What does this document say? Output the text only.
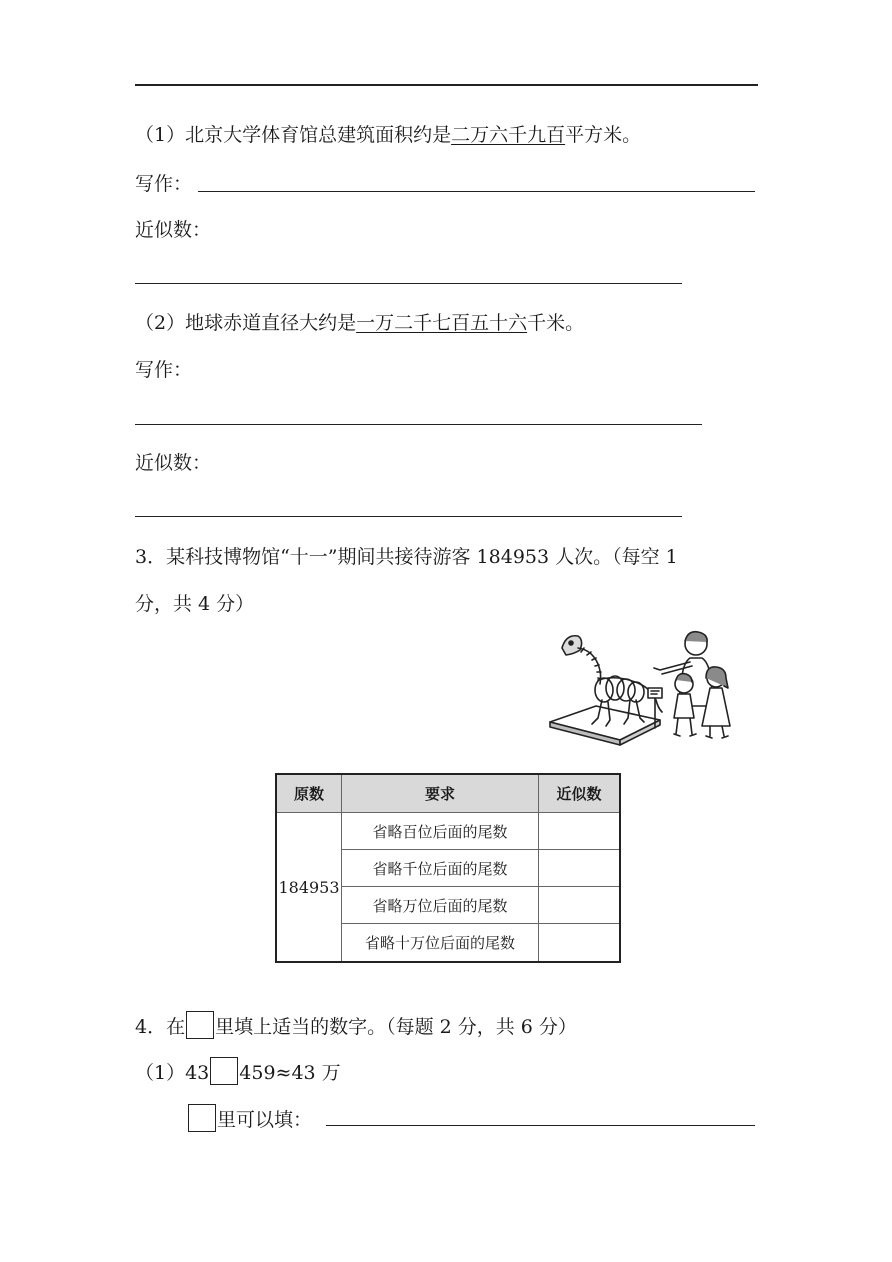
（1）北京大学体育馆总建筑面积约是二万六千九百平方米。
写作：
近似数：
（2）地球赤道直径大约是一万二千七百五十六千米。
写作：
近似数：
3．某科技博物馆“十一”期间共接待游客 184953 人次。（每空 1
分，共 4 分）
原数	要求	近似数
184953	省略百位后面的尾数	
	省略千位后面的尾数	
	省略万位后面的尾数	
	省略十万位后面的尾数	
4．在 里填上适当的数字。（每题 2 分，共 6 分）
（1）43 459≈43 万
里可以填：
